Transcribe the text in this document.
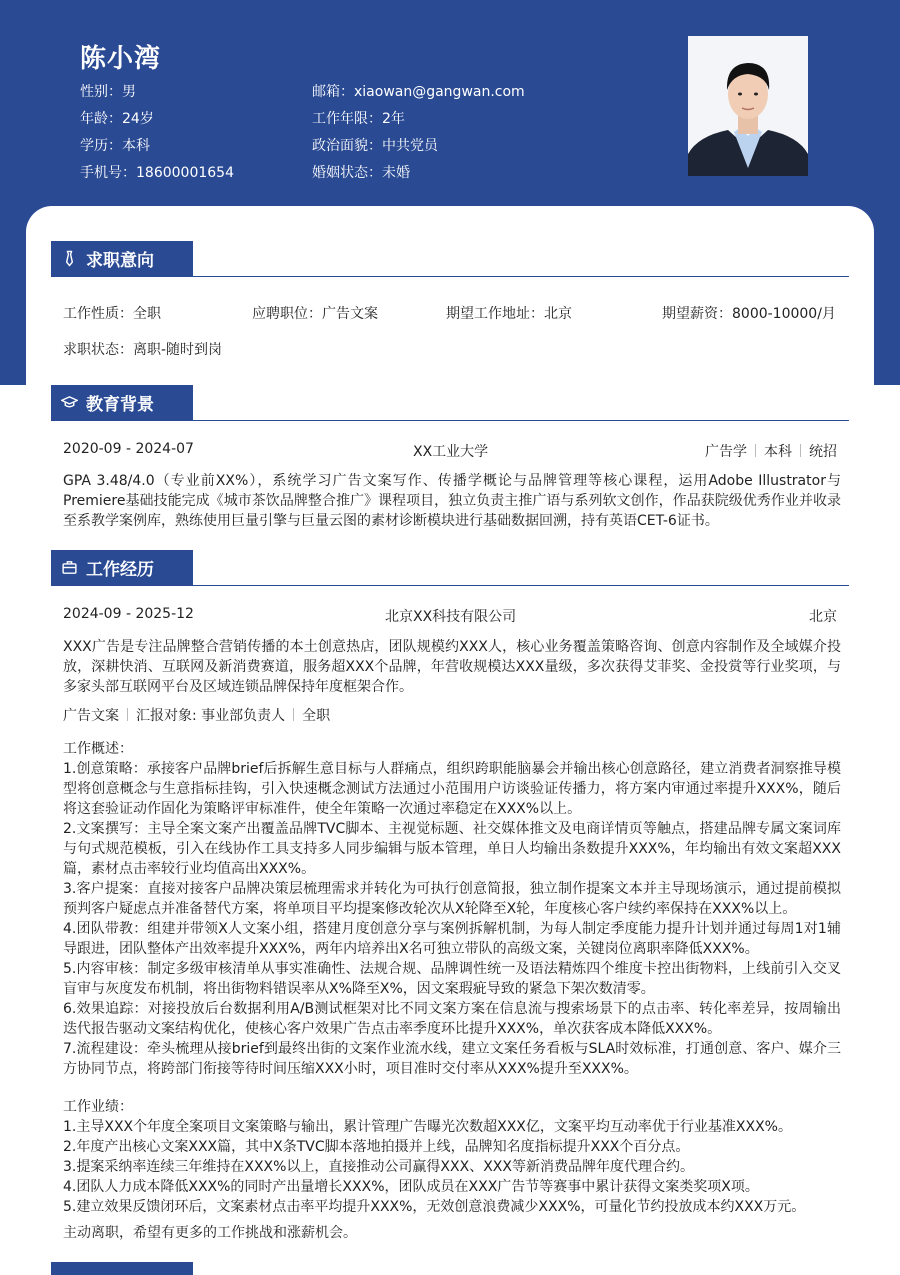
陈小湾
性别：男
年龄：24岁
学历：本科
手机号：18600001654
邮箱：xiaowan@gangwan.com
工作年限：2年
政治面貌：中共党员
婚姻状态：未婚
求职意向
工作性质：全职	应聘职位：广告文案	期望工作地址：北京	期望薪资：8000-10000/月
求职状态：离职-随时到岗
教育背景
2020-09 - 2024-07	XX工业大学	广告学 本科 统招
GPA 3.48/4.0（专业前XX%），系统学习广告文案写作、传播学概论与品牌管理等核心课程，运用Adobe Illustrator与Premiere基础技能完成《城市茶饮品牌整合推广》课程项目，独立负责主推广语与系列软文创作，作品获院级优秀作业并收录至系教学案例库，熟练使用巨量引擎与巨量云图的素材诊断模块进行基础数据回溯，持有英语CET-6证书。
工作经历
2024-09 - 2025-12	北京XX科技有限公司	北京
XXX广告是专注品牌整合营销传播的本土创意热店，团队规模约XXX人，核心业务覆盖策略咨询、创意内容制作及全域媒介投放，深耕快消、互联网及新消费赛道，服务超XXX个品牌，年营收规模达XXX量级，多次获得艾菲奖、金投赏等行业奖项，与多家头部互联网平台及区域连锁品牌保持年度框架合作。
广告文案 汇报对象: 事业部负责人 全职
工作概述：
1.创意策略：承接客户品牌brief后拆解生意目标与人群痛点，组织跨职能脑暴会并输出核心创意路径，建立消费者洞察推导模型将创意概念与生意指标挂钩，引入快速概念测试方法通过小范围用户访谈验证传播力，将方案内审通过率提升XXX%，随后将这套验证动作固化为策略评审标准件，使全年策略一次通过率稳定在XXX%以上。
2.文案撰写：主导全案文案产出覆盖品牌TVC脚本、主视觉标题、社交媒体推文及电商详情页等触点，搭建品牌专属文案词库与句式规范模板，引入在线协作工具支持多人同步编辑与版本管理，单日人均输出条数提升XXX%，年均输出有效文案超XXX篇，素材点击率较行业均值高出XXX%。
3.客户提案：直接对接客户品牌决策层梳理需求并转化为可执行创意简报，独立制作提案文本并主导现场演示，通过提前模拟预判客户疑虑点并准备替代方案，将单项目平均提案修改轮次从X轮降至X轮，年度核心客户续约率保持在XXX%以上。
4.团队带教：组建并带领X人文案小组，搭建月度创意分享与案例拆解机制，为每人制定季度能力提升计划并通过每周1对1辅导跟进，团队整体产出效率提升XXX%，两年内培养出X名可独立带队的高级文案，关键岗位离职率降低XXX%。
5.内容审核：制定多级审核清单从事实准确性、法规合规、品牌调性统一及语法精炼四个维度卡控出街物料，上线前引入交叉盲审与灰度发布机制，将出街物料错误率从X%降至X%，因文案瑕疵导致的紧急下架次数清零。
6.效果追踪：对接投放后台数据利用A/B测试框架对比不同文案方案在信息流与搜索场景下的点击率、转化率差异，按周输出迭代报告驱动文案结构优化，使核心客户效果广告点击率季度环比提升XXX%，单次获客成本降低XXX%。
7.流程建设：牵头梳理从接brief到最终出街的文案作业流水线，建立文案任务看板与SLA时效标准，打通创意、客户、媒介三方协同节点，将跨部门衔接等待时间压缩XXX小时，项目准时交付率从XXX%提升至XXX%。
工作业绩：
1.主导XXX个年度全案项目文案策略与输出，累计管理广告曝光次数超XXX亿，文案平均互动率优于行业基准XXX%。
2.年度产出核心文案XXX篇，其中X条TVC脚本落地拍摄并上线，品牌知名度指标提升XXX个百分点。
3.提案采纳率连续三年维持在XXX%以上，直接推动公司赢得XXX、XXX等新消费品牌年度代理合约。
4.团队人力成本降低XXX%的同时产出量增长XXX%，团队成员在XXX广告节等赛事中累计获得文案类奖项X项。
5.建立效果反馈闭环后，文案素材点击率平均提升XXX%，无效创意浪费减少XXX%，可量化节约投放成本约XXX万元。
主动离职，希望有更多的工作挑战和涨薪机会。
